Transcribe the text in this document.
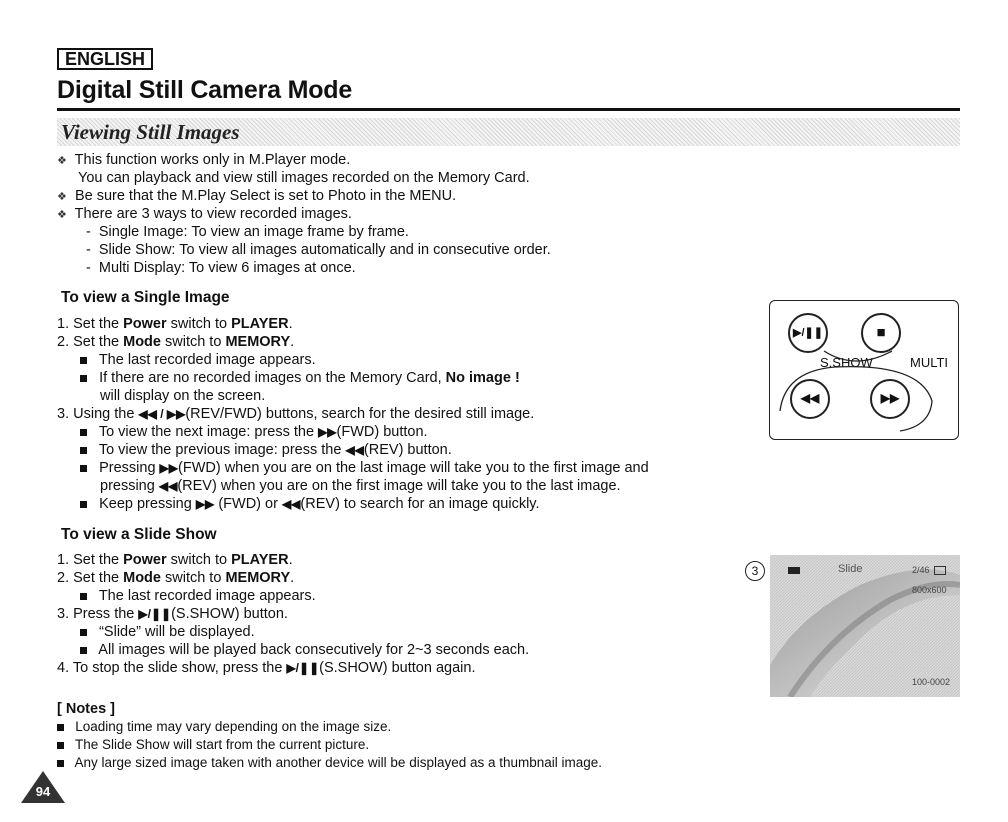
ENGLISH
Digital Still Camera Mode
Viewing Still Images
❖ This function works only in M.Player mode.
You can playback and view still images recorded on the Memory Card.
❖ Be sure that the M.Play Select is set to Photo in the MENU.
❖ There are 3 ways to view recorded images.
-  Single Image: To view an image frame by frame.
-  Slide Show: To view all images automatically and in consecutive order.
-  Multi Display: To view 6 images at once.
To view a Single Image
1. Set the Power switch to PLAYER.
2. Set the Mode switch to MEMORY.
The last recorded image appears.
If there are no recorded images on the Memory Card, No image !
will display on the screen.
3. Using the ◀◀ / ▶▶(REV/FWD) buttons, search for the desired still image.
To view the next image: press the ▶▶(FWD) button.
To view the previous image: press the ◀◀(REV) button.
Pressing ▶▶(FWD) when you are on the last image will take you to the first image and
pressing ◀◀(REV) when you are on the first image will take you to the last image.
Keep pressing ▶▶ (FWD) or ◀◀(REV) to search for an image quickly.
To view a Slide Show
1. Set the Power switch to PLAYER.
2. Set the Mode switch to MEMORY.
The last recorded image appears.
3. Press the ▶/❚❚(S.SHOW) button.
“Slide” will be displayed.
All images will be played back consecutively for 2~3 seconds each.
4. To stop the slide show, press the ▶/❚❚(S.SHOW) button again.
[ Notes ]
Loading time may vary depending on the image size.
The Slide Show will start from the current picture.
Any large sized image taken with another device will be displayed as a thumbnail image.
94
▶/❚❚	■
S.SHOW	MULTI
◀◀	▶▶
3	Slide	2/46
800x600
100-0002
